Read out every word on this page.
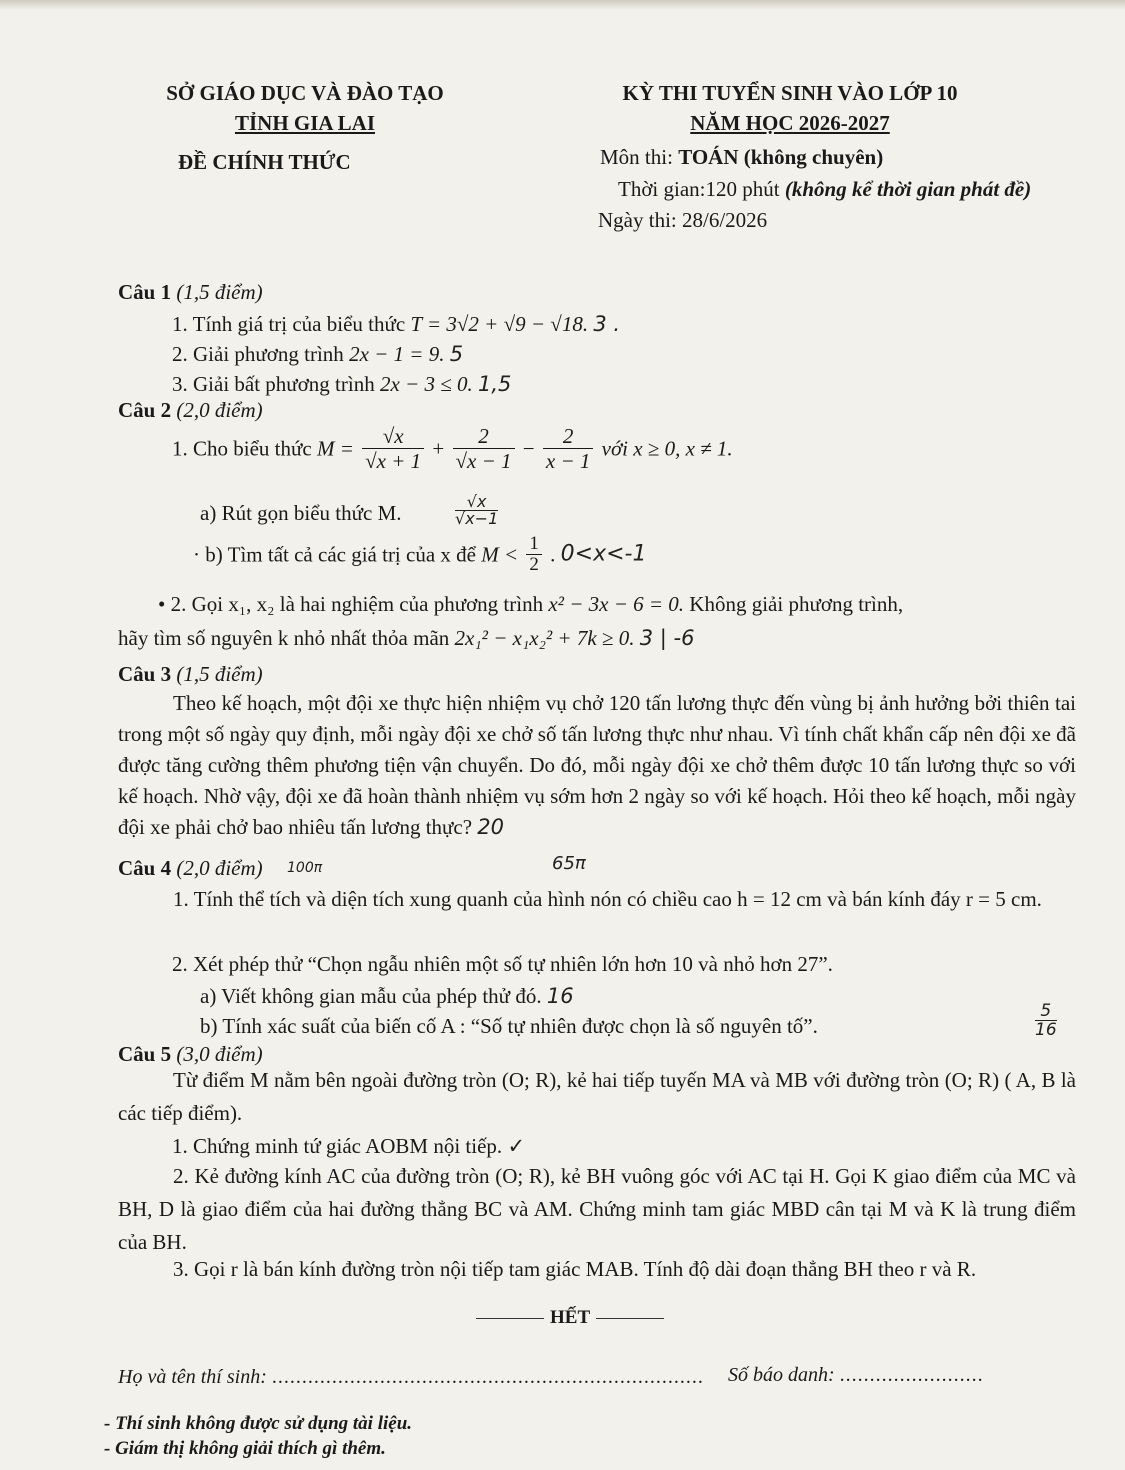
SỞ GIÁO DỤC VÀ ĐÀO TẠO
TỈNH GIA LAI
ĐỀ CHÍNH THỨC
KỲ THI TUYỂN SINH VÀO LỚP 10
NĂM HỌC 2026-2027
Môn thi: TOÁN (không chuyên)
Thời gian:120 phút (không kể thời gian phát đề)
Ngày thi: 28/6/2026
Câu 1 (1,5 điểm)
1. Tính giá trị của biểu thức T = 3√2 + √9 − √18. 3 .
2. Giải phương trình 2x − 1 = 9. 5
3. Giải bất phương trình 2x − 3 ≤ 0. 1,5
Câu 2 (2,0 điểm)
1. Cho biểu thức $M = \frac{√x}{√x + 1} + \frac{2}{√x - 1} - \frac{2}{x - 1}$ với x ≥ 0, x ≠ 1.
a) Rút gọn biểu thức M.	√x
√x−1
· b) Tìm tất cả các giá trị của x để $M < \frac{1}{2}$ . 0<x<-1
• 2. Gọi x₁, x₂ là hai nghiệm của phương trình x² − 3x − 6 = 0. Không giải phương trình,
hãy tìm số nguyên k nhỏ nhất thỏa mãn 2x₁² − x₁x₂² + 7k ≥ 0. 3 | -6
Câu 3 (1,5 điểm)
Theo kế hoạch, một đội xe thực hiện nhiệm vụ chở 120 tấn lương thực đến vùng bị ảnh hưởng bởi thiên tai trong một số ngày quy định, mỗi ngày đội xe chở số tấn lương thực như nhau. Vì tính chất khẩn cấp nên đội xe đã được tăng cường thêm phương tiện vận chuyển. Do đó, mỗi ngày đội xe chở thêm được 10 tấn lương thực so với kế hoạch. Nhờ vậy, đội xe đã hoàn thành nhiệm vụ sớm hơn 2 ngày so với kế hoạch. Hỏi theo kế hoạch, mỗi ngày đội xe phải chở bao nhiêu tấn lương thực? 20
Câu 4 (2,0 điểm) 100π	65π
1. Tính thể tích và diện tích xung quanh của hình nón có chiều cao h = 12 cm và bán kính đáy r = 5 cm.
2. Xét phép thử “Chọn ngẫu nhiên một số tự nhiên lớn hơn 10 và nhỏ hơn 27”.
a) Viết không gian mẫu của phép thử đó. 16
b) Tính xác suất của biến cố A : “Số tự nhiên được chọn là số nguyên tố”.
5
16
Câu 5 (3,0 điểm)
Từ điểm M nằm bên ngoài đường tròn (O; R), kẻ hai tiếp tuyến MA và MB với đường tròn (O; R) ( A, B là các tiếp điểm).
1. Chứng minh tứ giác AOBM nội tiếp. ✓
2. Kẻ đường kính AC của đường tròn (O; R), kẻ BH vuông góc với AC tại H. Gọi K giao điểm của MC và BH, D là giao điểm của hai đường thẳng BC và AM. Chứng minh tam giác MBD cân tại M và K là trung điểm của BH.
3. Gọi r là bán kính đường tròn nội tiếp tam giác MAB. Tính độ dài đoạn thẳng BH theo r và R.
HẾT
Họ và tên thí sinh: ........................................................................ Số báo danh: ........................
- Thí sinh không được sử dụng tài liệu.
- Giám thị không giải thích gì thêm.
